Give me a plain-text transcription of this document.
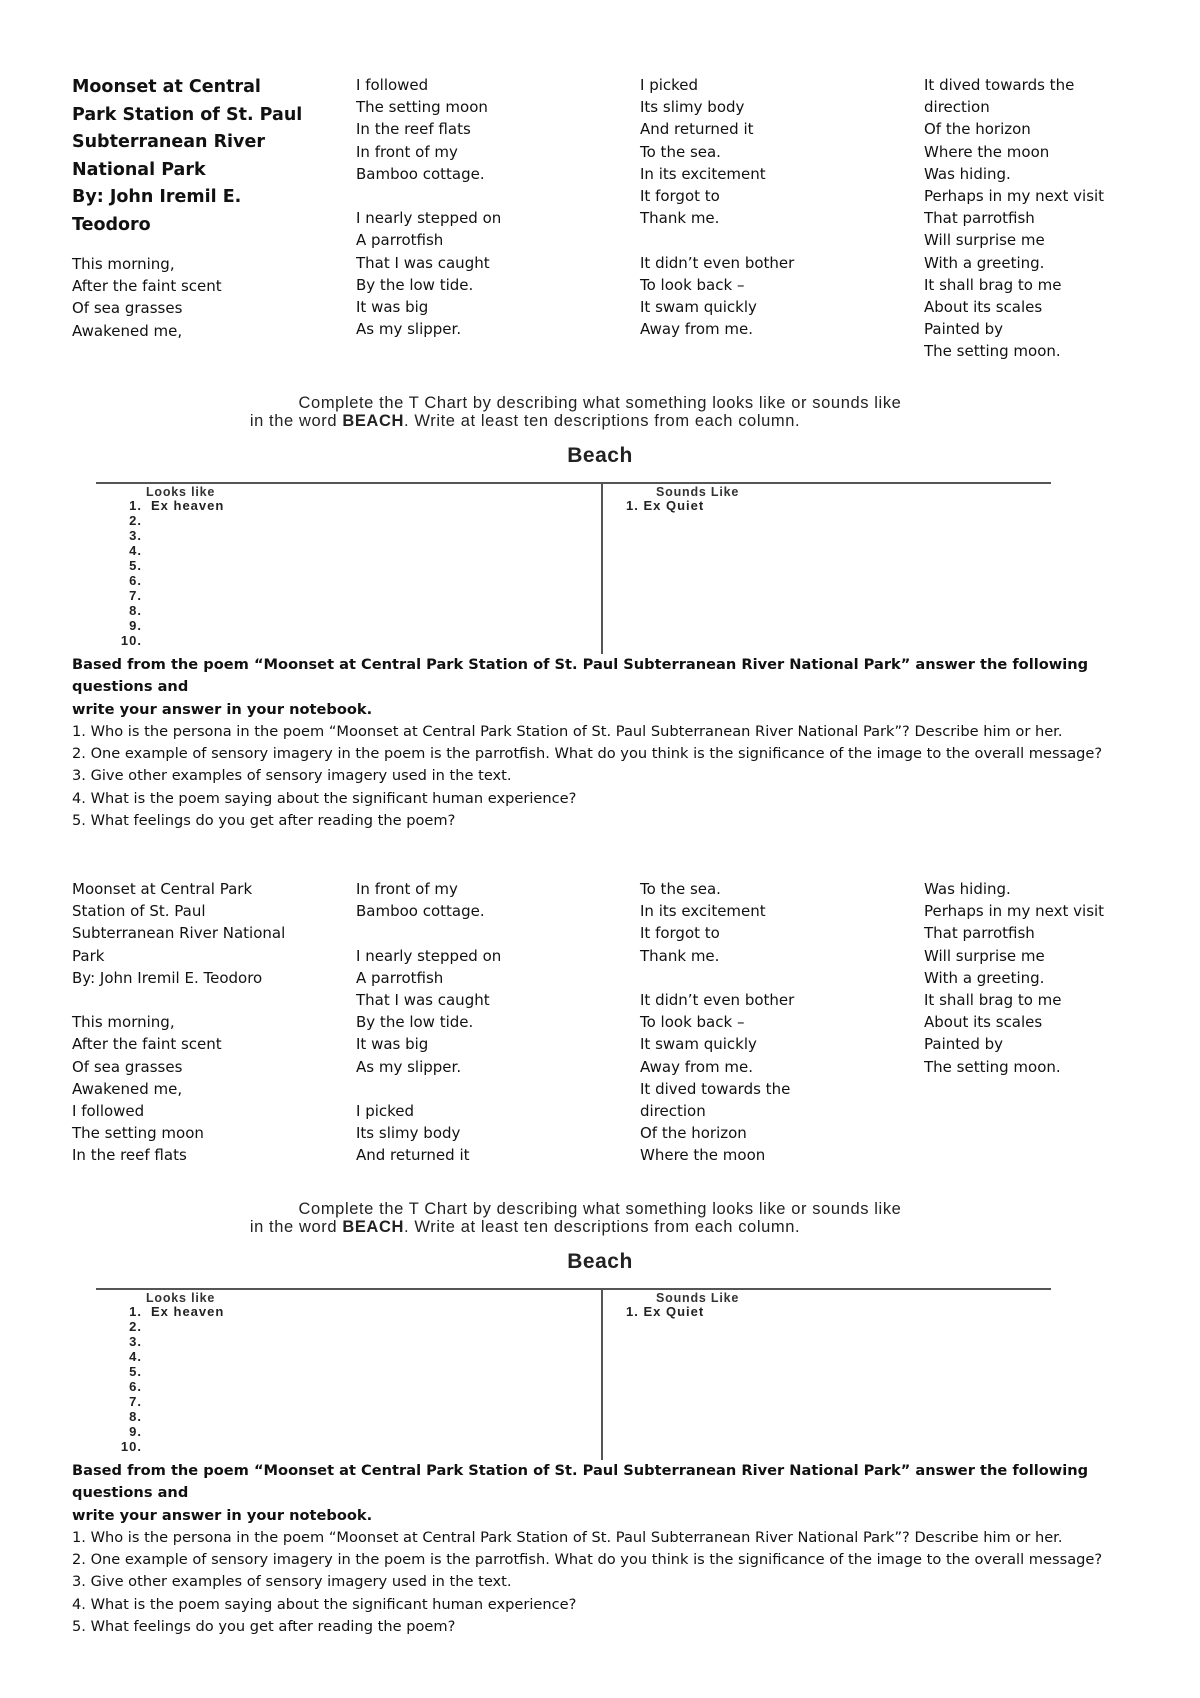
Moonset at Central
Park Station of St. Paul
Subterranean River
National Park
By: John Iremil E.
Teodoro
This morning,
After the faint scent
Of sea grasses
Awakened me,
I followed
The setting moon
In the reef flats
In front of my
Bamboo cottage.
I nearly stepped on
A parrotfish
That I was caught
By the low tide.
It was big
As my slipper.
I picked
Its slimy body
And returned it
To the sea.
In its excitement
It forgot to
Thank me.
It didn’t even bother
To look back –
It swam quickly
Away from me.
It dived towards the
direction
Of the horizon
Where the moon
Was hiding.
Perhaps in my next visit
That parrotfish
Will surprise me
With a greeting.
It shall brag to me
About its scales
Painted by
The setting moon.
Complete the T Chart by describing what something looks like or sounds like
in the word BEACH. Write at least ten descriptions from each column.
Beach
Looks like	Sounds Like
1. Ex heaven
2.
3.
4.
5.
6.
7.
8.
9.
10.
1. Ex Quiet
Based from the poem “Moonset at Central Park Station of St. Paul Subterranean River National Park” answer the following questions and
write your answer in your notebook.
1. Who is the persona in the poem “Moonset at Central Park Station of St. Paul Subterranean River National Park”? Describe him or her.
2. One example of sensory imagery in the poem is the parrotfish. What do you think is the significance of the image to the overall message?
3. Give other examples of sensory imagery used in the text.
4. What is the poem saying about the significant human experience?
5. What feelings do you get after reading the poem?
Moonset at Central Park
Station of St. Paul
Subterranean River National
Park
By: John Iremil E. Teodoro
This morning,
After the faint scent
Of sea grasses
Awakened me,
I followed
The setting moon
In the reef flats
In front of my
Bamboo cottage.
I nearly stepped on
A parrotfish
That I was caught
By the low tide.
It was big
As my slipper.
I picked
Its slimy body
And returned it
To the sea.
In its excitement
It forgot to
Thank me.
It didn’t even bother
To look back –
It swam quickly
Away from me.
It dived towards the
direction
Of the horizon
Where the moon
Was hiding.
Perhaps in my next visit
That parrotfish
Will surprise me
With a greeting.
It shall brag to me
About its scales
Painted by
The setting moon.
Complete the T Chart by describing what something looks like or sounds like
in the word BEACH. Write at least ten descriptions from each column.
Beach
Looks like	Sounds Like
1. Ex heaven
2.
3.
4.
5.
6.
7.
8.
9.
10.
1. Ex Quiet
Based from the poem “Moonset at Central Park Station of St. Paul Subterranean River National Park” answer the following questions and
write your answer in your notebook.
1. Who is the persona in the poem “Moonset at Central Park Station of St. Paul Subterranean River National Park”? Describe him or her.
2. One example of sensory imagery in the poem is the parrotfish. What do you think is the significance of the image to the overall message?
3. Give other examples of sensory imagery used in the text.
4. What is the poem saying about the significant human experience?
5. What feelings do you get after reading the poem?
